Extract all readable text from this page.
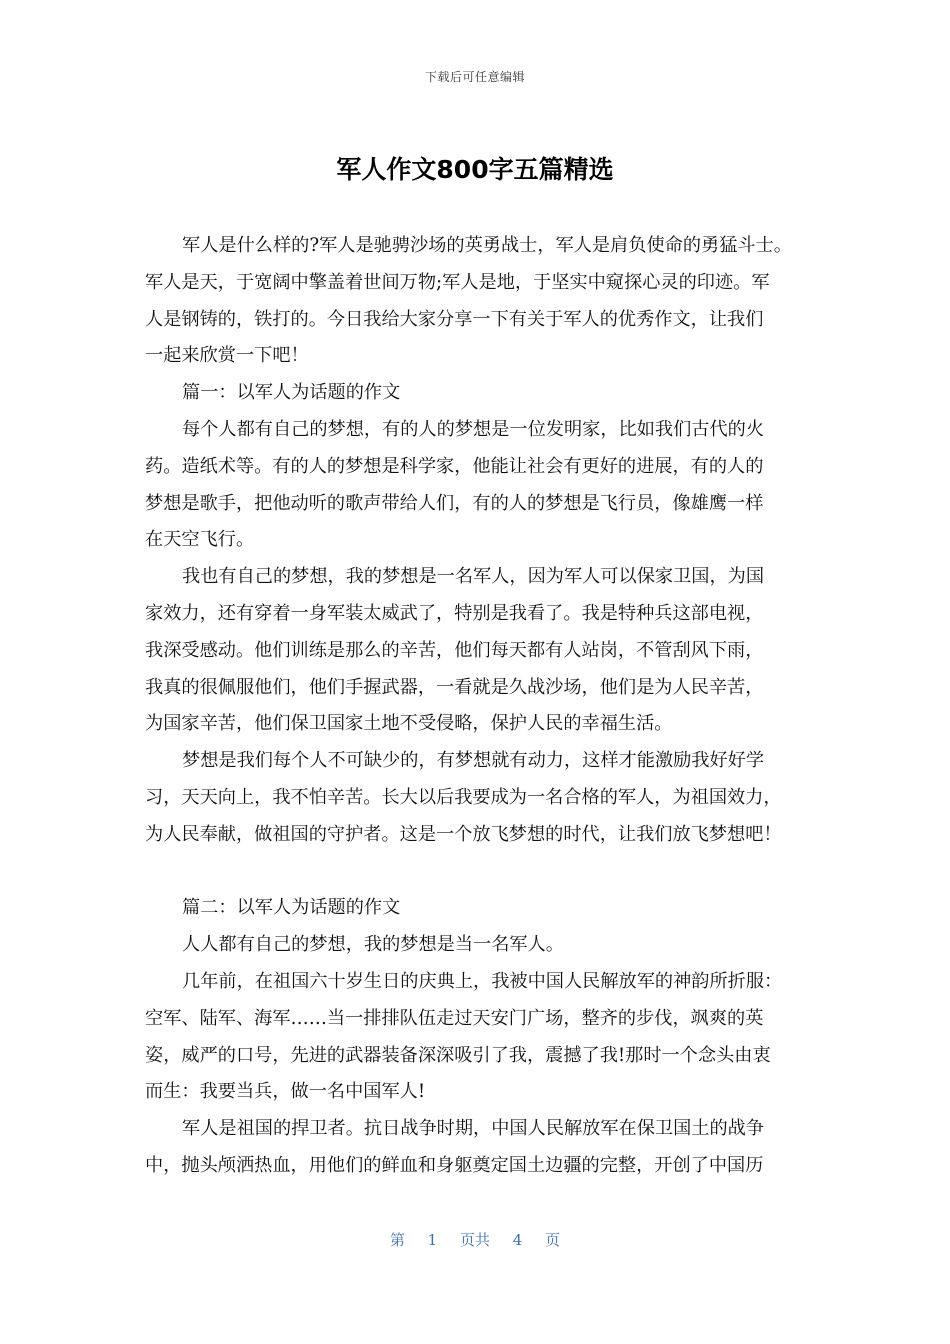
下载后可任意编辑
军人作文800字五篇精选
军人是什么样的?军人是驰骋沙场的英勇战士，军人是肩负使命的勇猛斗士。
军人是天，于宽阔中擎盖着世间万物;军人是地，于坚实中窥探心灵的印迹。军
人是钢铸的，铁打的。今日我给大家分享一下有关于军人的优秀作文，让我们
一起来欣赏一下吧！
篇一：以军人为话题的作文
每个人都有自己的梦想，有的人的梦想是一位发明家，比如我们古代的火
药。造纸术等。有的人的梦想是科学家，他能让社会有更好的进展，有的人的
梦想是歌手，把他动听的歌声带给人们，有的人的梦想是飞行员，像雄鹰一样
在天空飞行。
我也有自己的梦想，我的梦想是一名军人，因为军人可以保家卫国，为国
家效力，还有穿着一身军装太威武了，特别是我看了。我是特种兵这部电视，
我深受感动。他们训练是那么的辛苦，他们每天都有人站岗，不管刮风下雨，
我真的很佩服他们，他们手握武器，一看就是久战沙场，他们是为人民辛苦，
为国家辛苦，他们保卫国家土地不受侵略，保护人民的幸福生活。
梦想是我们每个人不可缺少的，有梦想就有动力，这样才能激励我好好学
习，天天向上，我不怕辛苦。长大以后我要成为一名合格的军人，为祖国效力，
为人民奉献，做祖国的守护者。这是一个放飞梦想的时代，让我们放飞梦想吧！
篇二：以军人为话题的作文
人人都有自己的梦想，我的梦想是当一名军人。
几年前，在祖国六十岁生日的庆典上，我被中国人民解放军的神韵所折服：
空军、陆军、海军……当一排排队伍走过天安门广场，整齐的步伐，飒爽的英
姿，威严的口号，先进的武器装备深深吸引了我，震撼了我!那时一个念头由衷
而生：我要当兵，做一名中国军人!
军人是祖国的捍卫者。抗日战争时期，中国人民解放军在保卫国土的战争
中，抛头颅洒热血，用他们的鲜血和身躯奠定国土边疆的完整，开创了中国历
第 1 页共 4 页
